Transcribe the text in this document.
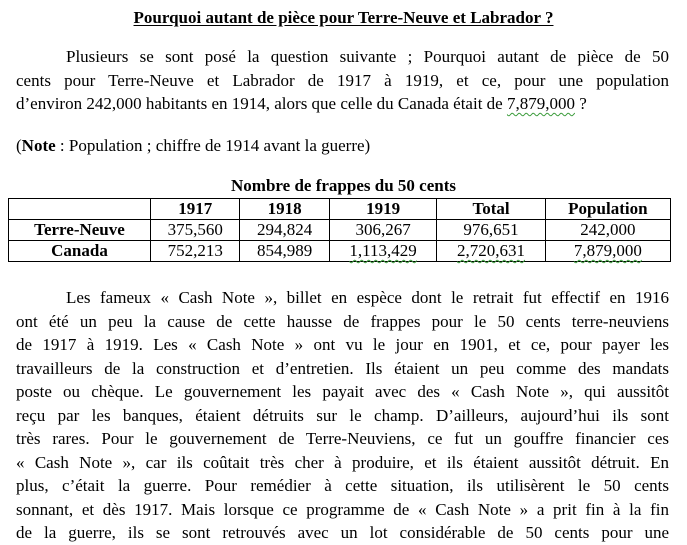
Pourquoi autant de pièce pour Terre-Neuve et Labrador ?
Plusieurs se sont posé la question suivante ; Pourquoi autant de pièce de 50
cents pour Terre-Neuve et Labrador de 1917 à 1919, et ce, pour une population
d’environ 242,000 habitants en 1914, alors que celle du Canada était de 7,879,000 ?
(Note : Population ; chiffre de 1914 avant la guerre)
Nombre de frappes du 50 cents
	1917	1918	1919	Total	Population
Terre-Neuve	375,560	294,824	306,267	976,651	242,000
Canada	752,213	854,989	1,113,429	2,720,631	7,879,000
Les fameux « Cash Note », billet en espèce dont le retrait fut effectif en 1916
ont été un peu la cause de cette hausse de frappes pour le 50 cents terre-neuviens
de 1917 à 1919. Les « Cash Note » ont vu le jour en 1901, et ce, pour payer les
travailleurs de la construction et d’entretien. Ils étaient un peu comme des mandats
poste ou chèque. Le gouvernement les payait avec des « Cash Note », qui aussitôt
reçu par les banques, étaient détruits sur le champ. D’ailleurs, aujourd’hui ils sont
très rares. Pour le gouvernement de Terre-Neuviens, ce fut un gouffre financier ces
« Cash Note », car ils coûtait très cher à produire, et ils étaient aussitôt détruit. En
plus, c’était la guerre. Pour remédier à cette situation, ils utilisèrent le 50 cents
sonnant, et dès 1917. Mais lorsque ce programme de « Cash Note » a prit fin à la fin
de la guerre, ils se sont retrouvés avec un lot considérable de 50 cents pour une
